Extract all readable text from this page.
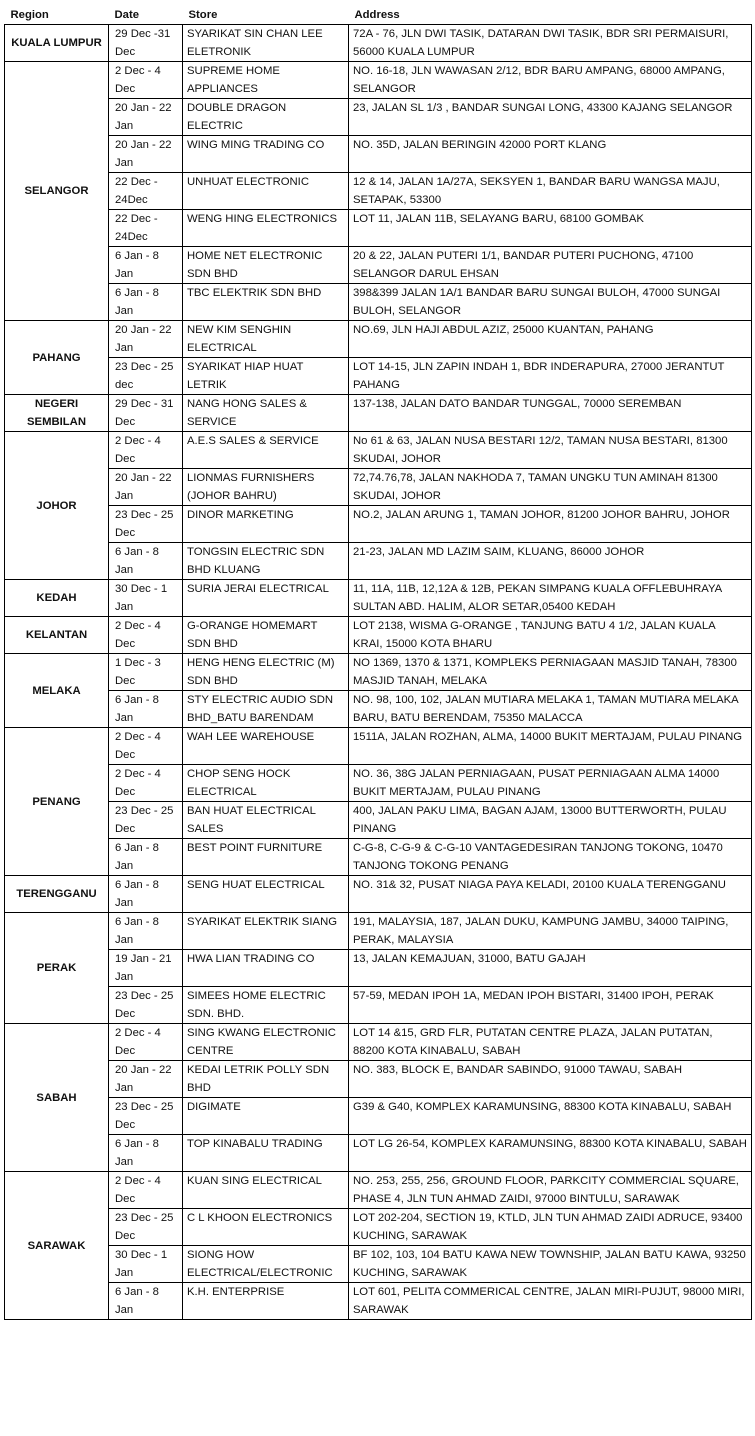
Region	Date	Store	Address
KUALA LUMPUR	29 Dec -31 Dec	SYARIKAT SIN CHAN LEE ELETRONIK	72A - 76, JLN DWI TASIK, DATARAN DWI TASIK, BDR SRI PERMAISURI, 56000 KUALA LUMPUR
SELANGOR	2 Dec - 4 Dec	SUPREME HOME APPLIANCES	NO. 16-18, JLN WAWASAN 2/12, BDR BARU AMPANG, 68000 AMPANG, SELANGOR
	20 Jan - 22 Jan	DOUBLE DRAGON ELECTRIC	23, JALAN SL 1/3 , BANDAR SUNGAI LONG, 43300 KAJANG SELANGOR
	20 Jan - 22 Jan	WING MING TRADING CO	NO. 35D, JALAN BERINGIN 42000 PORT KLANG
	22 Dec - 24Dec	UNHUAT ELECTRONIC	12 & 14, JALAN 1A/27A, SEKSYEN 1, BANDAR BARU WANGSA MAJU, SETAPAK, 53300
	22 Dec - 24Dec	WENG HING ELECTRONICS	LOT 11, JALAN 11B, SELAYANG BARU, 68100 GOMBAK
	6 Jan - 8 Jan	HOME NET ELECTRONIC SDN BHD	20 & 22, JALAN PUTERI 1/1, BANDAR PUTERI PUCHONG, 47100 SELANGOR DARUL EHSAN
	6 Jan - 8 Jan	TBC ELEKTRIK SDN BHD	398&399 JALAN 1A/1 BANDAR BARU SUNGAI BULOH, 47000 SUNGAI BULOH, SELANGOR
PAHANG	20 Jan - 22 Jan	NEW KIM SENGHIN ELECTRICAL	NO.69, JLN HAJI ABDUL AZIZ, 25000 KUANTAN, PAHANG
	23 Dec - 25 dec	SYARIKAT HIAP HUAT LETRIK	LOT 14-15, JLN ZAPIN INDAH 1, BDR INDERAPURA, 27000 JERANTUT PAHANG
NEGERI SEMBILAN	29 Dec - 31 Dec	NANG HONG SALES & SERVICE	137-138, JALAN DATO BANDAR TUNGGAL, 70000 SEREMBAN
JOHOR	2 Dec - 4 Dec	A.E.S SALES & SERVICE	No 61 & 63, JALAN NUSA BESTARI 12/2, TAMAN NUSA BESTARI, 81300 SKUDAI, JOHOR
	20 Jan - 22 Jan	LIONMAS FURNISHERS (JOHOR BAHRU)	72,74.76,78, JALAN NAKHODA 7, TAMAN UNGKU TUN AMINAH 81300 SKUDAI, JOHOR
	23 Dec - 25 Dec	DINOR MARKETING	NO.2, JALAN ARUNG 1, TAMAN JOHOR, 81200 JOHOR BAHRU, JOHOR
	6 Jan - 8 Jan	TONGSIN ELECTRIC SDN BHD KLUANG	21-23, JALAN MD LAZIM SAIM, KLUANG, 86000 JOHOR
KEDAH	30 Dec - 1 Jan	SURIA JERAI ELECTRICAL	11, 11A, 11B, 12,12A & 12B, PEKAN SIMPANG KUALA OFFLEBUHRAYA SULTAN ABD. HALIM, ALOR SETAR,05400 KEDAH
KELANTAN	2 Dec - 4 Dec	G-ORANGE HOMEMART SDN BHD	LOT 2138, WISMA G-ORANGE , TANJUNG BATU 4 1/2, JALAN KUALA KRAI, 15000 KOTA BHARU
MELAKA	1 Dec - 3 Dec	HENG HENG ELECTRIC (M) SDN BHD	NO 1369, 1370 & 1371, KOMPLEKS PERNIAGAAN MASJID TANAH, 78300 MASJID TANAH, MELAKA
	6 Jan - 8 Jan	STY ELECTRIC AUDIO SDN BHD_BATU BARENDAM	NO. 98, 100, 102, JALAN MUTIARA MELAKA 1, TAMAN MUTIARA MELAKA BARU, BATU BERENDAM, 75350 MALACCA
PENANG	2 Dec - 4 Dec	WAH LEE WAREHOUSE	1511A, JALAN ROZHAN, ALMA, 14000 BUKIT MERTAJAM, PULAU PINANG
	2 Dec - 4 Dec	CHOP SENG HOCK ELECTRICAL	NO. 36, 38G JALAN PERNIAGAAN, PUSAT PERNIAGAAN ALMA 14000 BUKIT MERTAJAM, PULAU PINANG
	23 Dec - 25 Dec	BAN HUAT ELECTRICAL SALES	400, JALAN PAKU LIMA, BAGAN AJAM, 13000 BUTTERWORTH, PULAU PINANG
	6 Jan - 8 Jan	BEST POINT FURNITURE	C-G-8, C-G-9 & C-G-10 VANTAGEDESIRAN TANJONG TOKONG, 10470 TANJONG TOKONG PENANG
TERENGGANU	6 Jan - 8 Jan	SENG HUAT ELECTRICAL	NO. 31& 32, PUSAT NIAGA PAYA KELADI, 20100 KUALA TERENGGANU
PERAK	6 Jan - 8 Jan	SYARIKAT ELEKTRIK SIANG	191, MALAYSIA, 187, JALAN DUKU, KAMPUNG JAMBU, 34000 TAIPING, PERAK, MALAYSIA
	19 Jan - 21 Jan	HWA LIAN TRADING CO	13, JALAN KEMAJUAN, 31000, BATU GAJAH
	23 Dec - 25 Dec	SIMEES HOME ELECTRIC SDN. BHD.	57-59, MEDAN IPOH 1A, MEDAN IPOH BISTARI, 31400 IPOH, PERAK
SABAH	2 Dec - 4 Dec	SING KWANG ELECTRONIC CENTRE	LOT 14 &15, GRD FLR, PUTATAN CENTRE PLAZA, JALAN PUTATAN, 88200 KOTA KINABALU, SABAH
	20 Jan - 22 Jan	KEDAI LETRIK POLLY SDN BHD	NO. 383, BLOCK E, BANDAR SABINDO, 91000 TAWAU, SABAH
	23 Dec - 25 Dec	DIGIMATE	G39 & G40, KOMPLEX KARAMUNSING, 88300 KOTA KINABALU, SABAH
	6 Jan - 8 Jan	TOP KINABALU TRADING	LOT LG 26-54, KOMPLEX KARAMUNSING, 88300 KOTA KINABALU, SABAH
SARAWAK	2 Dec - 4 Dec	KUAN SING ELECTRICAL	NO. 253, 255, 256, GROUND FLOOR, PARKCITY COMMERCIAL SQUARE, PHASE 4, JLN TUN AHMAD ZAIDI, 97000 BINTULU, SARAWAK
	23 Dec - 25 Dec	C L KHOON ELECTRONICS	LOT 202-204, SECTION 19, KTLD, JLN TUN AHMAD ZAIDI ADRUCE, 93400 KUCHING, SARAWAK
	30 Dec - 1 Jan	SIONG HOW ELECTRICAL/ELECTRONIC	BF 102, 103, 104 BATU KAWA NEW TOWNSHIP, JALAN BATU KAWA, 93250 KUCHING, SARAWAK
	6 Jan - 8 Jan	K.H. ENTERPRISE	LOT 601, PELITA COMMERICAL CENTRE, JALAN MIRI-PUJUT, 98000 MIRI, SARAWAK
